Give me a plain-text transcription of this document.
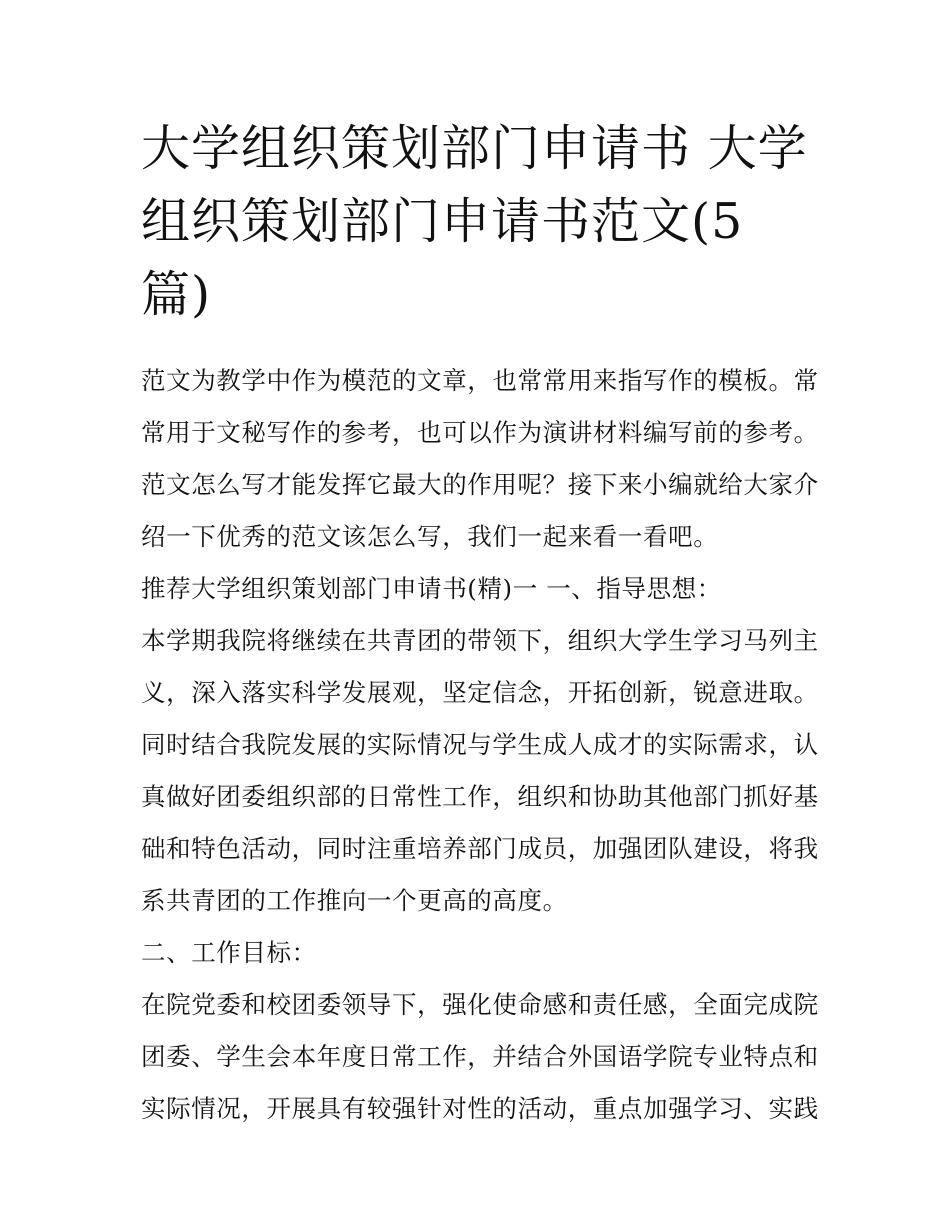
大学组织策划部门申请书 大学
组织策划部门申请书范文(5
篇)
范文为教学中作为模范的文章，也常常用来指写作的模板。常
常用于文秘写作的参考，也可以作为演讲材料编写前的参考。
范文怎么写才能发挥它最大的作用呢？接下来小编就给大家介
绍一下优秀的范文该怎么写，我们一起来看一看吧。
推荐大学组织策划部门申请书(精)一 一、指导思想：
本学期我院将继续在共青团的带领下，组织大学生学习马列主
义，深入落实科学发展观，坚定信念，开拓创新，锐意进取。
同时结合我院发展的实际情况与学生成人成才的实际需求，认
真做好团委组织部的日常性工作，组织和协助其他部门抓好基
础和特色活动，同时注重培养部门成员，加强团队建设，将我
系共青团的工作推向一个更高的高度。
二、工作目标：
在院党委和校团委领导下，强化使命感和责任感，全面完成院
团委、学生会本年度日常工作，并结合外国语学院专业特点和
实际情况，开展具有较强针对性的活动，重点加强学习、实践
